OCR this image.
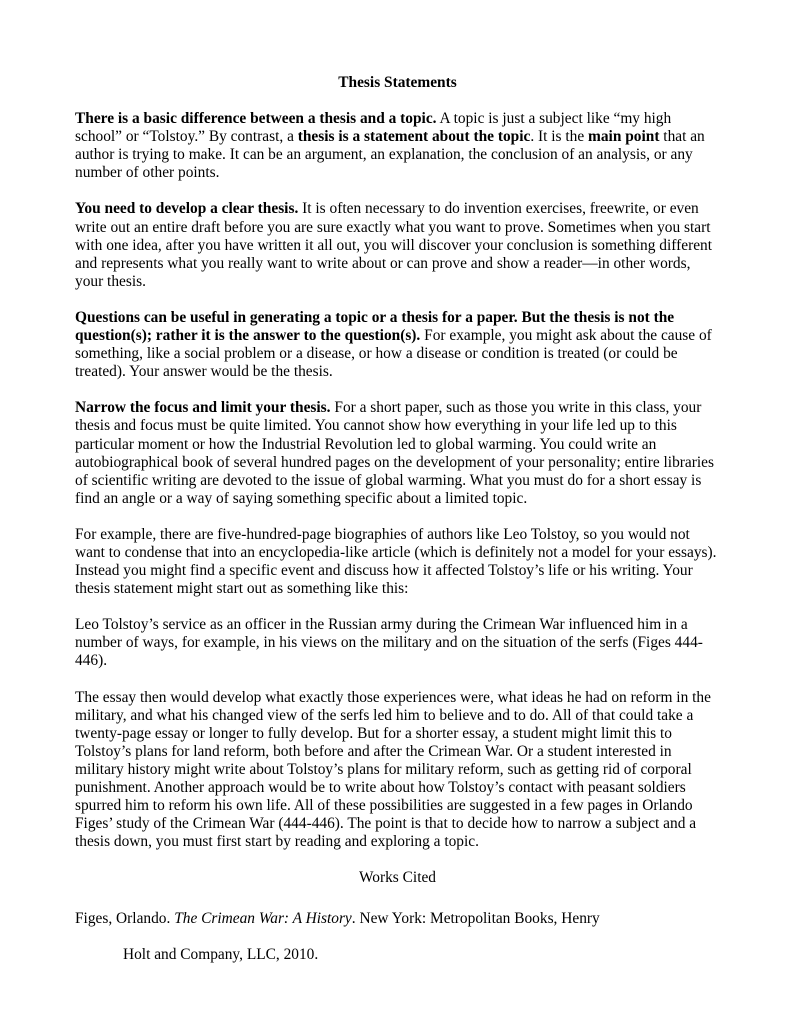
Thesis Statements

There is a basic difference between a thesis and a topic. A topic is just a subject like “my high school” or “Tolstoy.” By contrast, a thesis is a statement about the topic. It is the main point that an author is trying to make. It can be an argument, an explanation, the conclusion of an analysis, or any number of other points.

You need to develop a clear thesis. It is often necessary to do invention exercises, freewrite, or even write out an entire draft before you are sure exactly what you want to prove. Sometimes when you start with one idea, after you have written it all out, you will discover your conclusion is something different and represents what you really want to write about or can prove and show a reader—in other words, your thesis.

Questions can be useful in generating a topic or a thesis for a paper. But the thesis is not the question(s); rather it is the answer to the question(s). For example, you might ask about the cause of something, like a social problem or a disease, or how a disease or condition is treated (or could be treated). Your answer would be the thesis.

Narrow the focus and limit your thesis. For a short paper, such as those you write in this class, your thesis and focus must be quite limited. You cannot show how everything in your life led up to this particular moment or how the Industrial Revolution led to global warming. You could write an autobiographical book of several hundred pages on the development of your personality; entire libraries of scientific writing are devoted to the issue of global warming. What you must do for a short essay is find an angle or a way of saying something specific about a limited topic.

For example, there are five-hundred-page biographies of authors like Leo Tolstoy, so you would not want to condense that into an encyclopedia-like article (which is definitely not a model for your essays). Instead you might find a specific event and discuss how it affected Tolstoy’s life or his writing. Your thesis statement might start out as something like this:

Leo Tolstoy’s service as an officer in the Russian army during the Crimean War influenced him in a number of ways, for example, in his views on the military and on the situation of the serfs (Figes 444-446).

The essay then would develop what exactly those experiences were, what ideas he had on reform in the military, and what his changed view of the serfs led him to believe and to do. All of that could take a twenty-page essay or longer to fully develop. But for a shorter essay, a student might limit this to Tolstoy’s plans for land reform, both before and after the Crimean War. Or a student interested in military history might write about Tolstoy’s plans for military reform, such as getting rid of corporal punishment. Another approach would be to write about how Tolstoy’s contact with peasant soldiers spurred him to reform his own life. All of these possibilities are suggested in a few pages in Orlando Figes’ study of the Crimean War (444-446). The point is that to decide how to narrow a subject and a thesis down, you must first start by reading and exploring a topic.

Works Cited
Figes, Orlando. The Crimean War: A History. New York: Metropolitan Books, Henry
Holt and Company, LLC, 2010.
